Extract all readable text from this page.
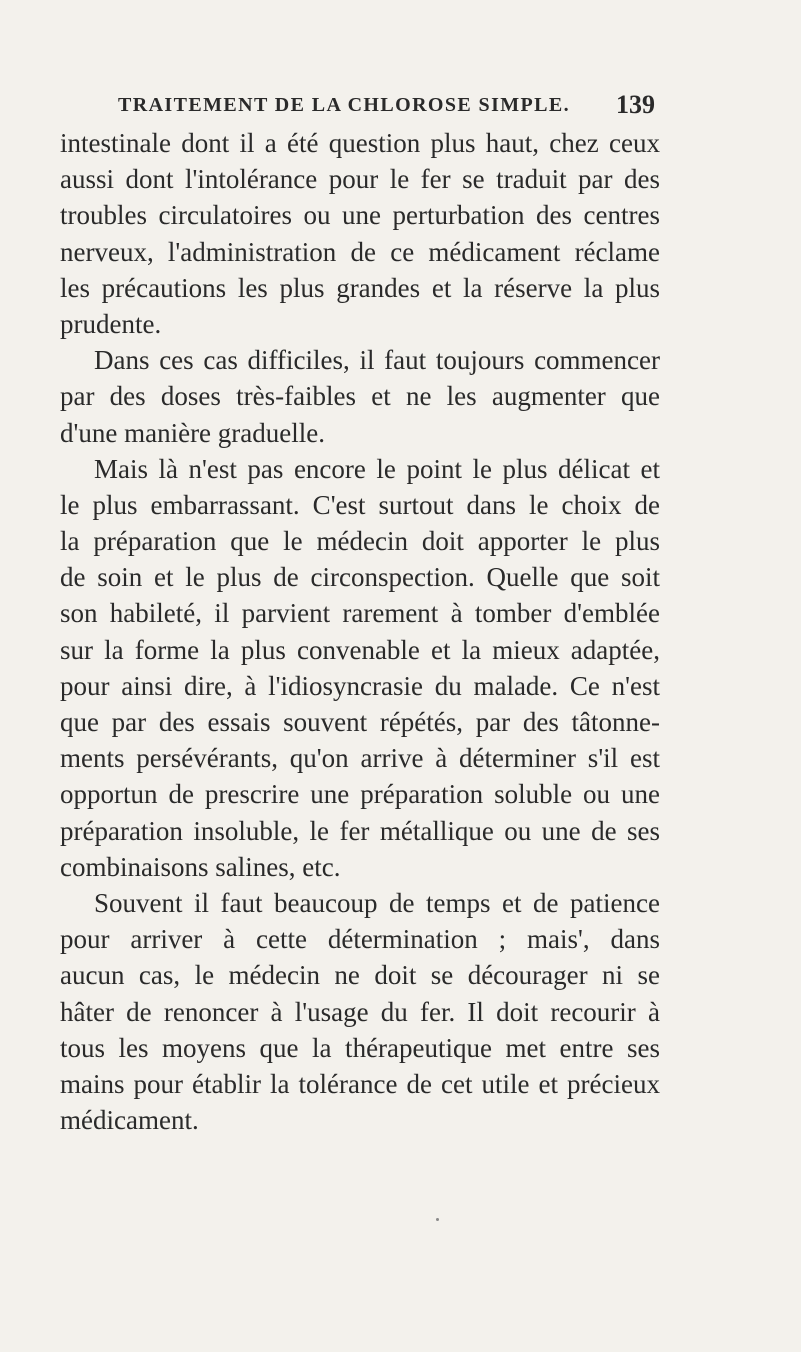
TRAITEMENT DE LA CHLOROSE SIMPLE. 139
intestinale dont il a été question plus haut, chez ceux
aussi dont l'intolérance pour le fer se traduit par des
troubles circulatoires ou une perturbation des centres
nerveux, l'administration de ce médicament réclame
les précautions les plus grandes et la réserve la plus
prudente.
Dans ces cas difficiles, il faut toujours commencer
par des doses très-faibles et ne les augmenter que
d'une manière graduelle.
Mais là n'est pas encore le point le plus délicat et
le plus embarrassant. C'est surtout dans le choix de
la préparation que le médecin doit apporter le plus
de soin et le plus de circonspection. Quelle que soit
son habileté, il parvient rarement à tomber d'emblée
sur la forme la plus convenable et la mieux adaptée,
pour ainsi dire, à l'idiosyncrasie du malade. Ce n'est
que par des essais souvent répétés, par des tâtonne-
ments persévérants, qu'on arrive à déterminer s'il est
opportun de prescrire une préparation soluble ou une
préparation insoluble, le fer métallique ou une de ses
combinaisons salines, etc.
Souvent il faut beaucoup de temps et de patience
pour arriver à cette détermination ; mais', dans
aucun cas, le médecin ne doit se décourager ni se
hâter de renoncer à l'usage du fer. Il doit recourir à
tous les moyens que la thérapeutique met entre ses
mains pour établir la tolérance de cet utile et précieux
médicament.
